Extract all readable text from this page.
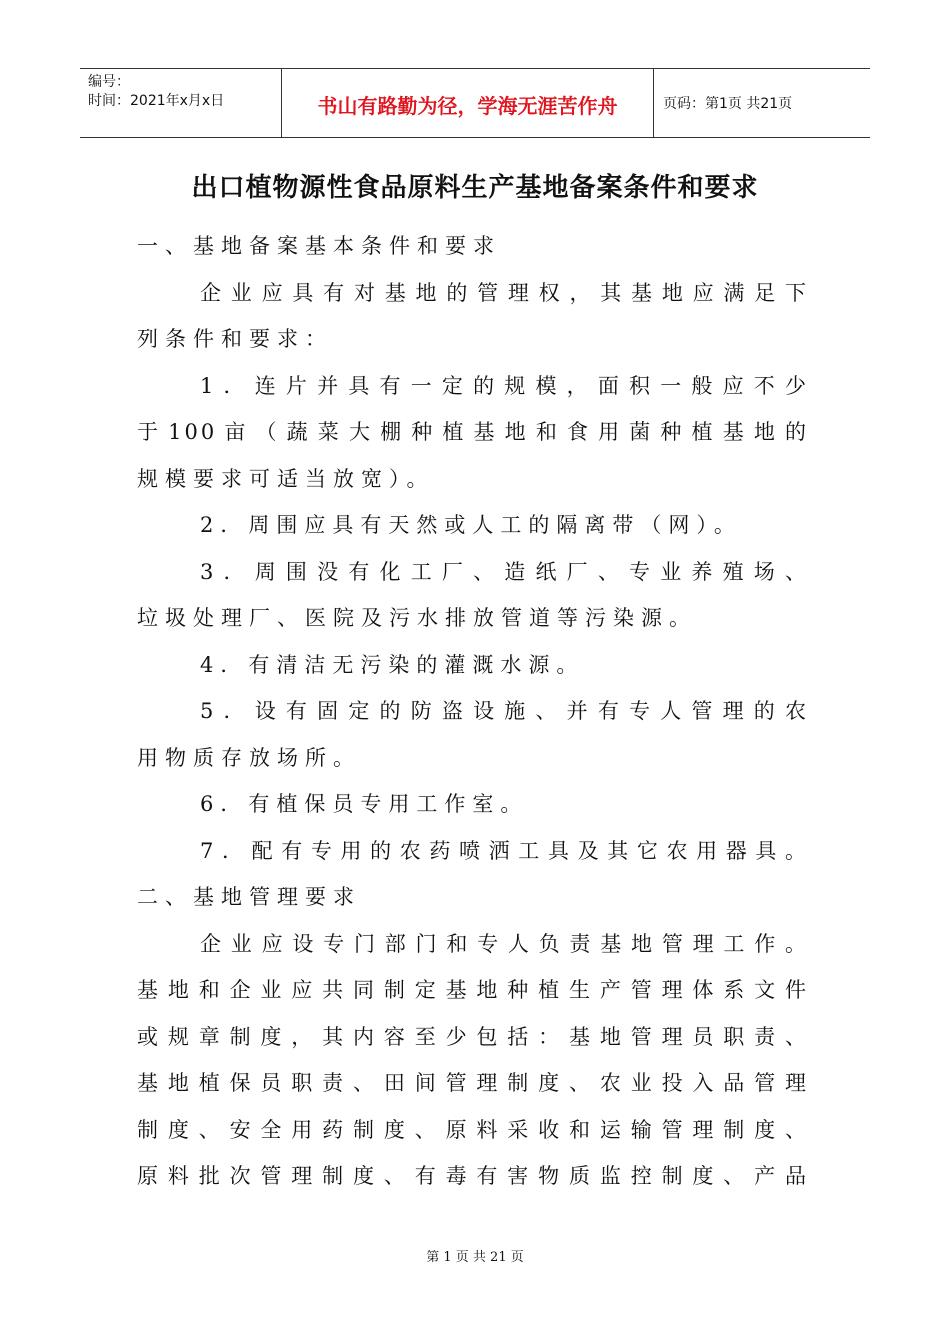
编号：
时间：2021年x月x日	书山有路勤为径，学海无涯苦作舟	页码：第1页 共21页
出口植物源性食品原料生产基地备案条件和要求
一、基地备案基本条件和要求
企业应具有对基地的管理权，其基地应满足下
列条件和要求：
1．连片并具有一定的规模，面积一般应不少
于100亩（蔬菜大棚种植基地和食用菌种植基地的
规模要求可适当放宽）。
2．周围应具有天然或人工的隔离带（网）。
3．周围没有化工厂、造纸厂、专业养殖场、
垃圾处理厂、医院及污水排放管道等污染源。
4．有清洁无污染的灌溉水源。
5．设有固定的防盗设施、并有专人管理的农
用物质存放场所。
6．有植保员专用工作室。
7．配有专用的农药喷洒工具及其它农用器具。
二、基地管理要求
企业应设专门部门和专人负责基地管理工作。
基地和企业应共同制定基地种植生产管理体系文件
或规章制度，其内容至少包括：基地管理员职责、
基地植保员职责、田间管理制度、农业投入品管理
制度、安全用药制度、原料采收和运输管理制度、
原料批次管理制度、有毒有害物质监控制度、产品
第 1 页 共 21 页
